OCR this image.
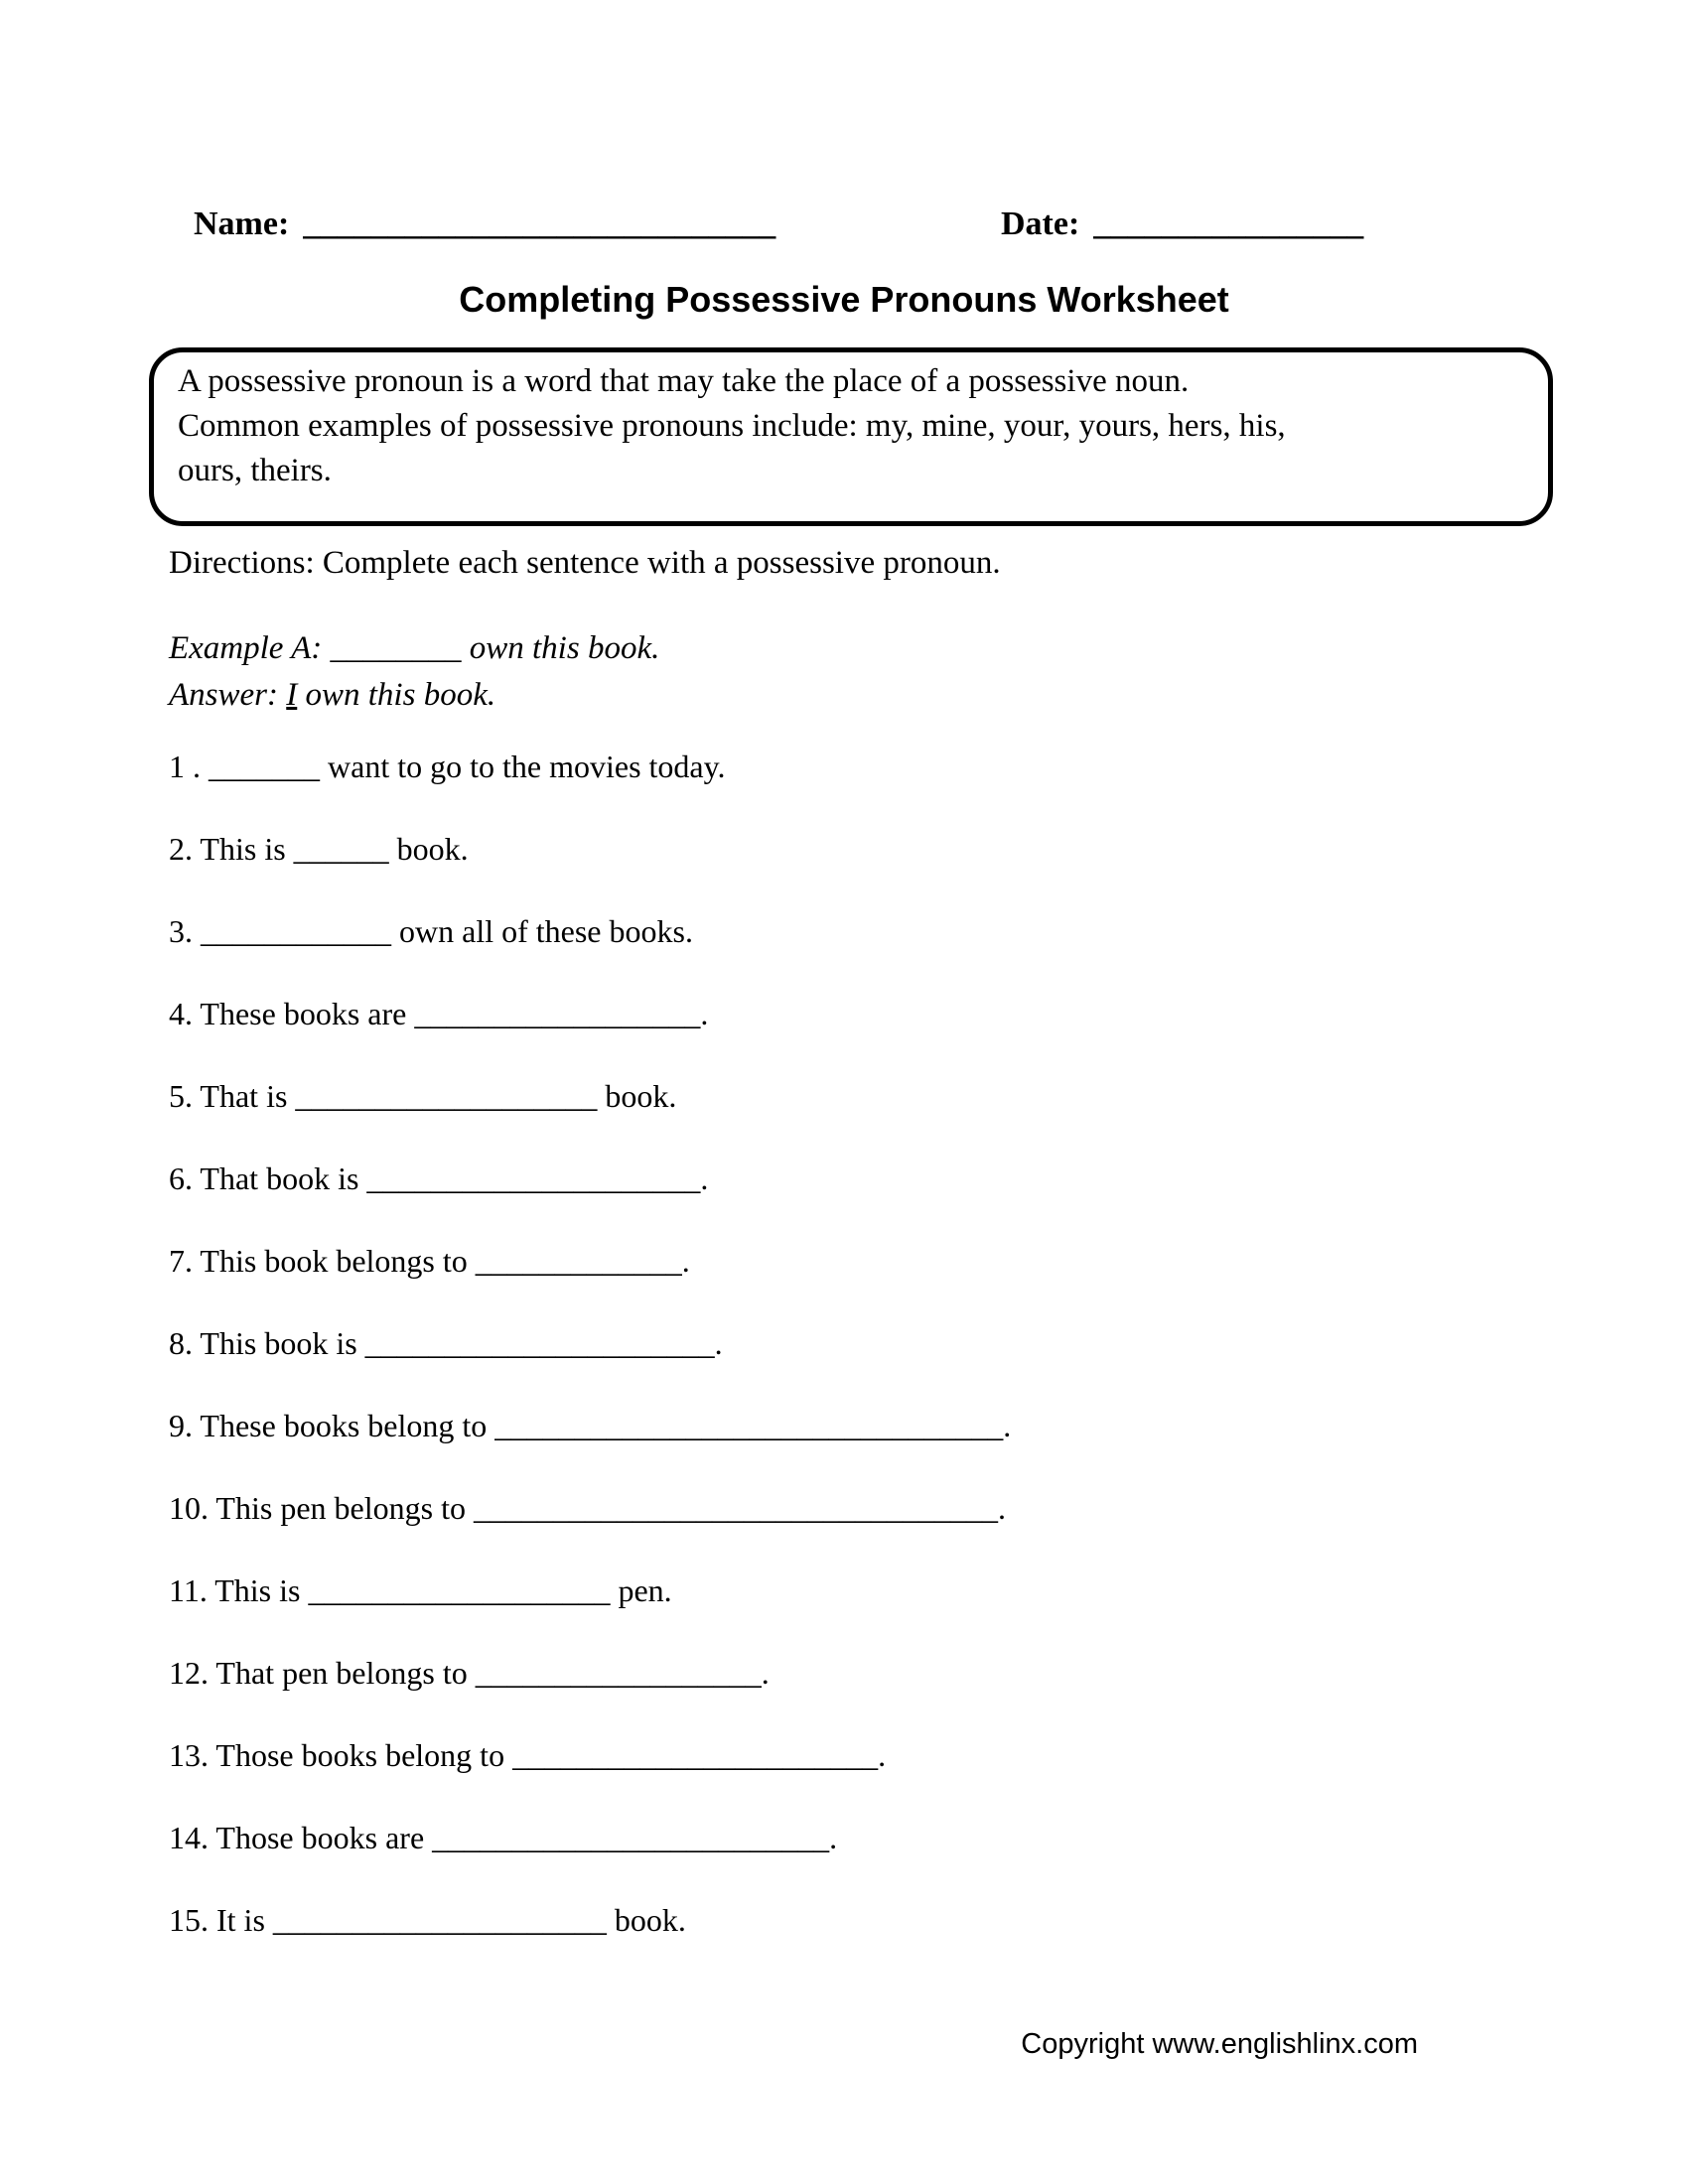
Name: ____________________________	Date: ________________
Completing Possessive Pronouns Worksheet
A possessive pronoun is a word that may take the place of a possessive noun.
Common examples of possessive pronouns include: my, mine, your, yours, hers, his,
ours, theirs.
Directions: Complete each sentence with a possessive pronoun.
Example A: ________ own this book.
Answer: I own this book.

1 . _______ want to go to the movies today.

2. This is ______ book.

3. ____________ own all of these books.

4. These books are __________________.

5. That is ___________________ book.

6. That book is _____________________.

7. This book belongs to _____________.

8. This book is ______________________.

9. These books belong to ________________________________.

10. This pen belongs to _________________________________.

11. This is ___________________ pen.

12. That pen belongs to __________________.

13. Those books belong to _______________________.

14. Those books are _________________________.

15. It is _____________________ book.

Copyright www.englishlinx.com
